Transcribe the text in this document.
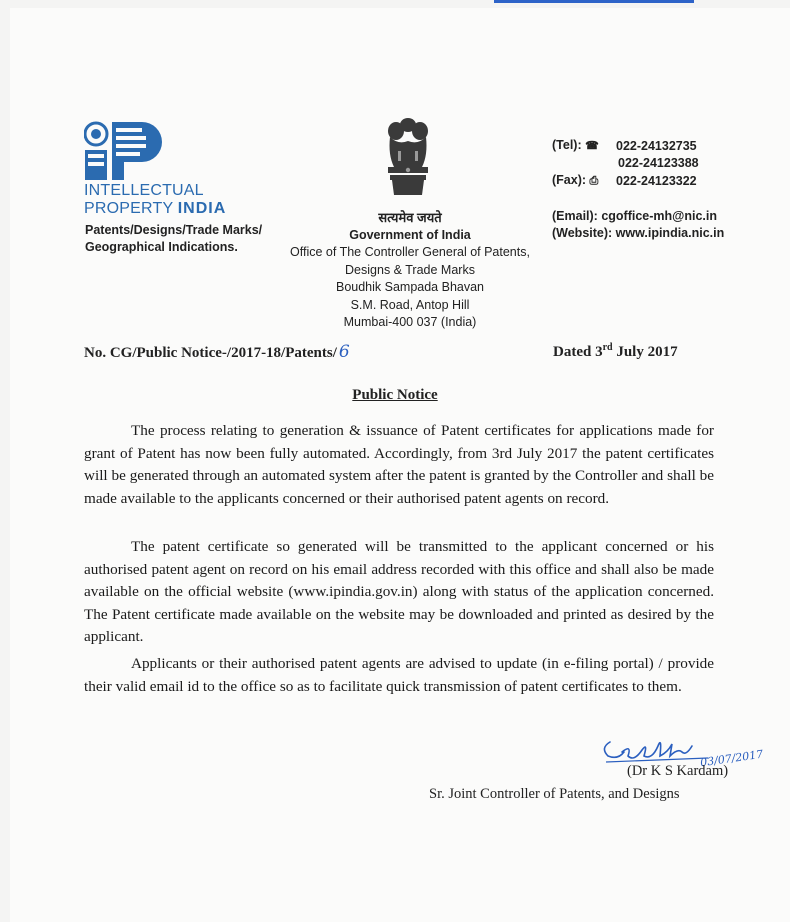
INTELLECTUAL
PROPERTY INDIA
Patents/Designs/Trade Marks/
Geographical Indications.
सत्यमेव जयते
Government of India
Office of The Controller General of Patents,
Designs & Trade Marks
Boudhik Sampada Bhavan
S.M. Road, Antop Hill
Mumbai-400 037 (India)
(Tel): ☎	022-24132735
022-24123388
(Fax): ⎙	022-24123322
(Email): cgoffice-mh@nic.in
(Website): www.ipindia.nic.in
No. CG/Public Notice-/2017-18/Patents/ 6	Dated 3rd July 2017
Public Notice

The process relating to generation & issuance of Patent certificates for applications made for grant of Patent has now been fully automated. Accordingly, from 3rd July 2017 the patent certificates will be generated through an automated system after the patent is granted by the Controller and shall be made available to the applicants concerned or their authorised patent agents on record.

The patent certificate so generated will be transmitted to the applicant concerned or his authorised patent agent on record on his email address recorded with this office and shall also be made available on the official website (www.ipindia.gov.in) along with status of the application concerned. The Patent certificate made available on the website may be downloaded and printed as desired by the applicant.

Applicants or their authorised patent agents are advised to update (in e-filing portal) / provide their valid email id to the office so as to facilitate quick transmission of patent certificates to them.

03/07/2017
(Dr K S Kardam)
Sr. Joint Controller of Patents, and Designs
